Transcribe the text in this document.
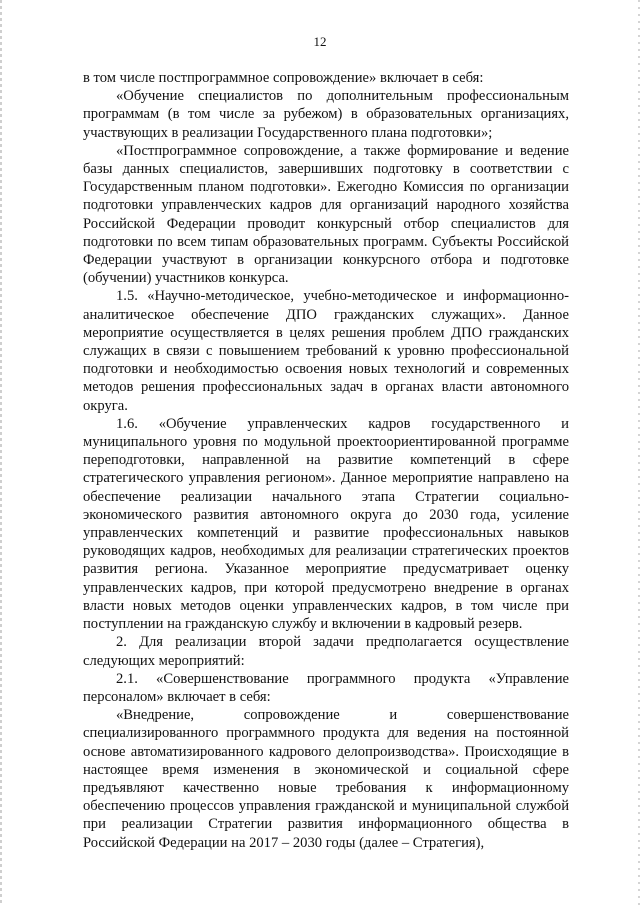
12

в том числе постпрограммное сопровождение» включает в себя:

«Обучение специалистов по дополнительным профессиональным программам (в том числе за рубежом) в образовательных организациях, участвующих в реализации Государственного плана подготовки»;

«Постпрограммное сопровождение, а также формирование и ведение базы данных специалистов, завершивших подготовку в соответствии с Государственным планом подготовки». Ежегодно Комиссия по организации подготовки управленческих кадров для организаций народного хозяйства Российской Федерации проводит конкурсный отбор специалистов для подготовки по всем типам образовательных программ. Субъекты Российской Федерации участвуют в организации конкурсного отбора и подготовке (обучении) участников конкурса.

1.5. «Научно-методическое, учебно-методическое и информационно-аналитическое обеспечение ДПО гражданских служащих». Данное мероприятие осуществляется в целях решения проблем ДПО гражданских служащих в связи с повышением требований к уровню профессиональной подготовки и необходимостью освоения новых технологий и современных методов решения профессиональных задач в органах власти автономного округа.

1.6. «Обучение управленческих кадров государственного и муниципального уровня по модульной проектоориентированной программе переподготовки, направленной на развитие компетенций в сфере стратегического управления регионом». Данное мероприятие направлено на обеспечение реализации начального этапа Стратегии социально-экономического развития автономного округа до 2030 года, усиление управленческих компетенций и развитие профессиональных навыков руководящих кадров, необходимых для реализации стратегических проектов развития региона. Указанное мероприятие предусматривает оценку управленческих кадров, при которой предусмотрено внедрение в органах власти новых методов оценки управленческих кадров, в том числе при поступлении на гражданскую службу и включении в кадровый резерв.

2. Для реализации второй задачи предполагается осуществление следующих мероприятий:

2.1. «Совершенствование программного продукта «Управление персоналом» включает в себя:

«Внедрение, сопровождение и совершенствование специализированного программного продукта для ведения на постоянной основе автоматизированного кадрового делопроизводства». Происходящие в настоящее время изменения в экономической и социальной сфере предъявляют качественно новые требования к информационному обеспечению процессов управления гражданской и муниципальной службой при реализации Стратегии развития информационного общества в Российской Федерации на 2017 – 2030 годы (далее – Стратегия),
